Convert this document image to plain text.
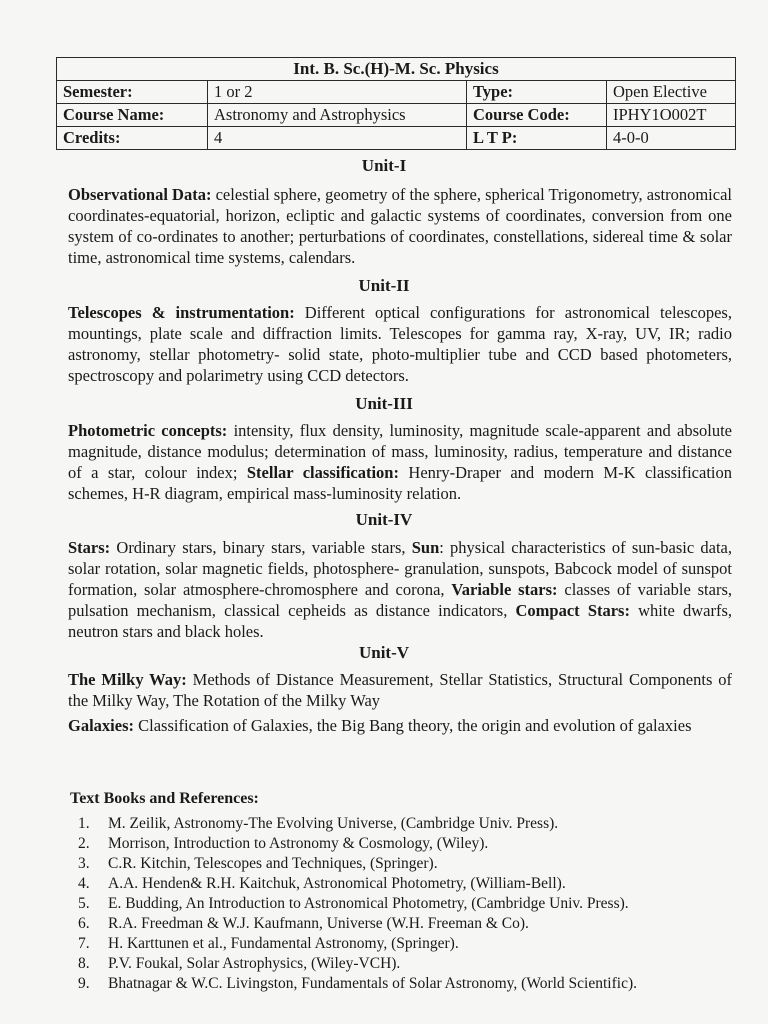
Int. B. Sc.(H)-M. Sc. Physics			
Semester:	1 or 2	Type:	Open Elective
Course Name:	Astronomy and Astrophysics	Course Code:	IPHY1O002T
Credits:	4	L T P:	4-0-0
Unit-I
Observational Data: celestial sphere, geometry of the sphere, spherical Trigonometry, astronomical coordinates-equatorial, horizon, ecliptic and galactic systems of coordinates, conversion from one system of co-ordinates to another; perturbations of coordinates, constellations, sidereal time & solar time, astronomical time systems, calendars.
Unit-II
Telescopes & instrumentation: Different optical configurations for astronomical telescopes, mountings, plate scale and diffraction limits. Telescopes for gamma ray, X-ray, UV, IR; radio astronomy, stellar photometry- solid state, photo-multiplier tube and CCD based photometers, spectroscopy and polarimetry using CCD detectors.
Unit-III
Photometric concepts: intensity, flux density, luminosity, magnitude scale-apparent and absolute magnitude, distance modulus; determination of mass, luminosity, radius, temperature and distance of a star, colour index; Stellar classification: Henry-Draper and modern M-K classification schemes, H-R diagram, empirical mass-luminosity relation.
Unit-IV
Stars: Ordinary stars, binary stars, variable stars, Sun: physical characteristics of sun-basic data, solar rotation, solar magnetic fields, photosphere- granulation, sunspots, Babcock model of sunspot formation, solar atmosphere-chromosphere and corona, Variable stars: classes of variable stars, pulsation mechanism, classical cepheids as distance indicators, Compact Stars: white dwarfs, neutron stars and black holes.
Unit-V
The Milky Way: Methods of Distance Measurement, Stellar Statistics, Structural Components of the Milky Way, The Rotation of the Milky Way
Galaxies: Classification of Galaxies, the Big Bang theory, the origin and evolution of galaxies
Text Books and References:
1.	M. Zeilik, Astronomy-The Evolving Universe, (Cambridge Univ. Press).
2.	Morrison, Introduction to Astronomy & Cosmology, (Wiley).
3.	C.R. Kitchin, Telescopes and Techniques, (Springer).
4.	A.A. Henden& R.H. Kaitchuk, Astronomical Photometry, (William-Bell).
5.	E. Budding, An Introduction to Astronomical Photometry, (Cambridge Univ. Press).
6.	R.A. Freedman & W.J. Kaufmann, Universe (W.H. Freeman & Co).
7.	H. Karttunen et al., Fundamental Astronomy, (Springer).
8.	P.V. Foukal, Solar Astrophysics, (Wiley-VCH).
9.	Bhatnagar & W.C. Livingston, Fundamentals of Solar Astronomy, (World Scientific).
